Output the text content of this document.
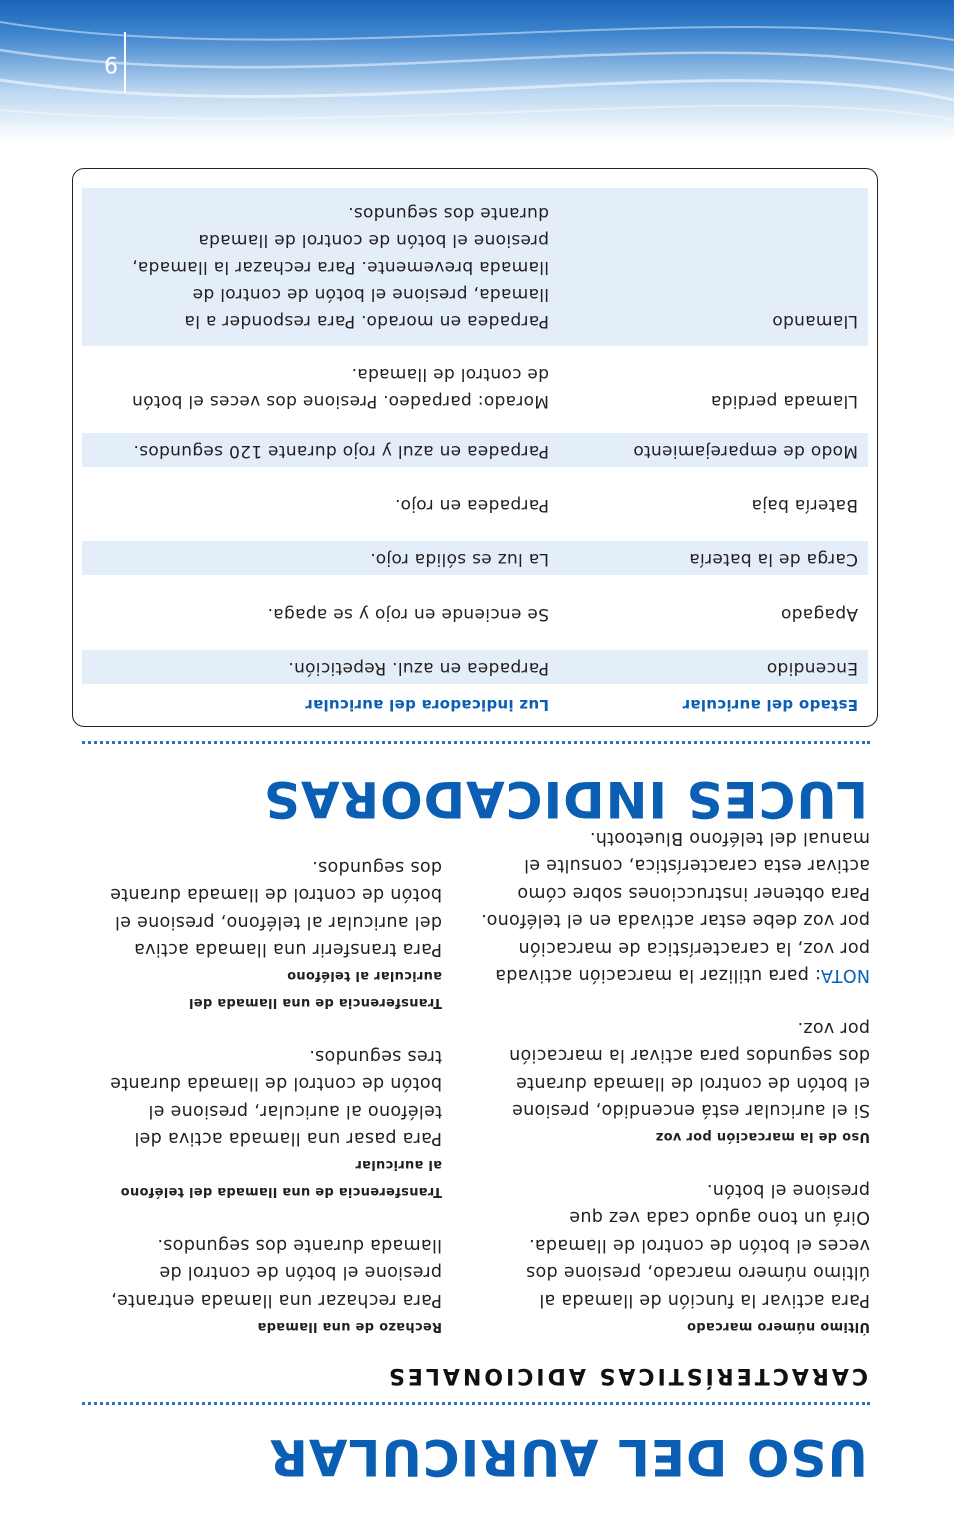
9
USO DEL AURICULAR
CARACTERÍSTICAS ADICIONALES
Último número marcado

Para activar la función de llamada al
último número marcado, presione dos
veces el botón de control de llamada.
Oirá un tono agudo cada vez que
presione el botón.

Uso de la marcación por voz

Si el auricular está encendido, presione
el botón de control de llamada durante
dos segundos para activar la marcación
por voz.

NOTA: para utilizar la marcación activada
por voz, la característica de marcación
por voz debe estar activada en el teléfono.
Para obtener instrucciones sobre cómo
activar esta característica, consulte el
manual del teléfono Bluetooth.

Rechazo de una llamada

Para rechazar una llamada entrante,
presione el botón de control de
llamada durante dos segundos.

Transferencia de una llamada del teléfono
al auricular

Para pasar una llamada activa del
teléfono al auricular, presione el
botón de control de llamada durante
tres segundos.

Transferencia de una llamada del
auricular al teléfono

Para transferir una llamada activa
del auricular al teléfono, presione el
botón de control de llamada durante
dos segundos.

LUCES INDICADORAS
Estado del auricular
Luz indicadora del auricular
Encendido
Parpadea en azul. Repetición.
Apagado
Se enciende en rojo y se apaga.
Carga de la batería
La luz es sólida rojo.
Batería baja
Parpadea en rojo.
Modo de emparejamiento
Parpadea en azul y rojo durante 120 segundos.
Llamada perdida
Morado: parpadeo. Presione dos veces el botón
de control de llamada.
Llamando
Parpadea en morado. Para responder a la
llamada, presione el botón de control de
llamada brevemente. Para rechazar la llamada,
presione el botón de control de llamada
durante dos segundos.
